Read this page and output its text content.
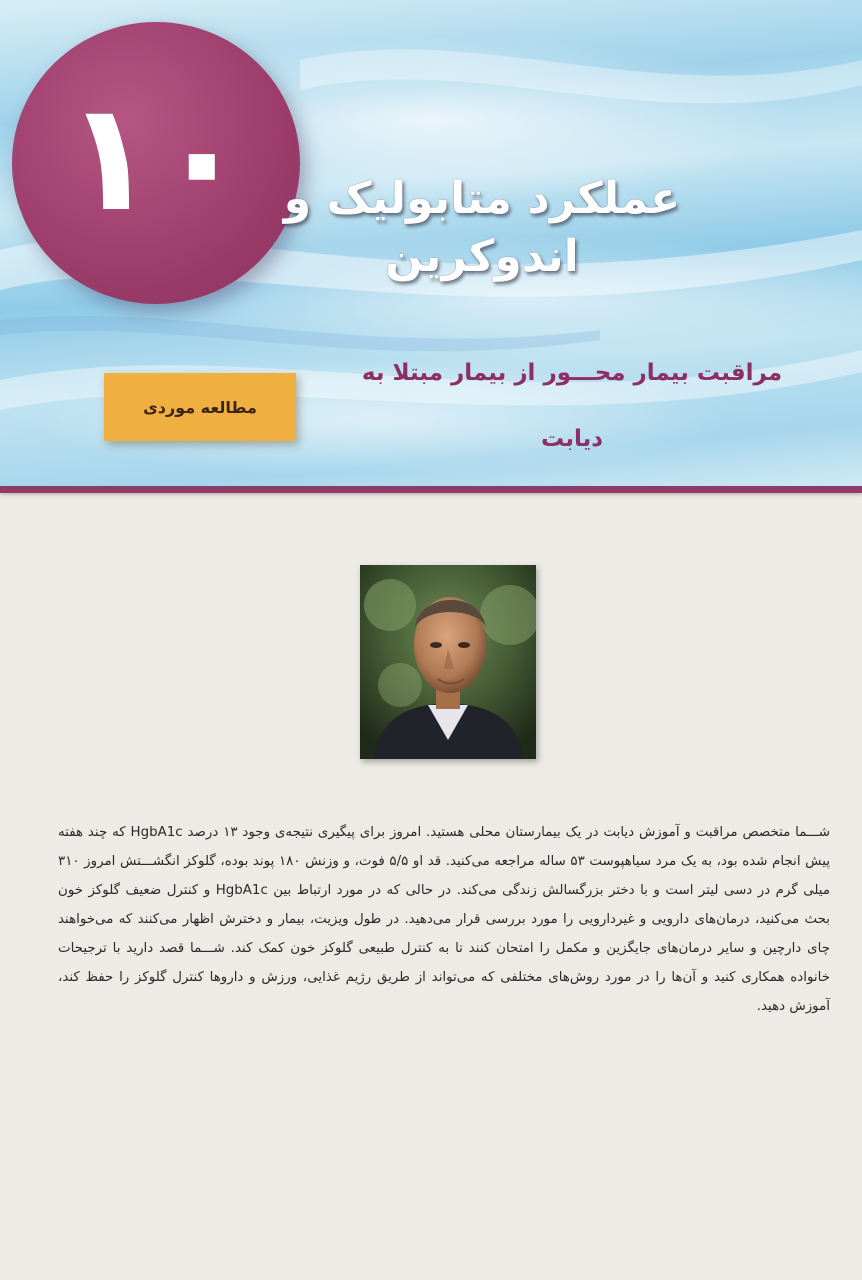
۱۰ عملکرد متابولیک و
اندوکرین
مراقبت بیمار محـــور از بیمار مبتلا به
دیابت
مطالعه موردی

شـــما متخصص مراقبت و آموزش دیابت در یک بیمارستان محلی هستید. امروز برای پیگیری نتیجه‌ی وجود ۱۳ درصد HgbA1c که چند هفته پیش انجام شده بود، به یک مرد سیاهپوست ۵۳ ساله مراجعه می‌کنید. قد او ۵/۵ فوت، و وزنش ۱۸۰ پوند بوده، گلوکز انگشـــتش امروز ۳۱۰ میلی گرم در دسی لیتر است و با دختر بزرگسالش زندگی می‌کند. در حالی که در مورد ارتباط بین HgbA1c و کنترل ضعیف گلوکز خون بحث می‌کنید، درمان‌های دارویی و غیردارویی را مورد بررسی قرار می‌دهید. در طول ویزیت، بیمار و دخترش اظهار می‌کنند که می‌خواهند چای دارچین و سایر درمان‌های جایگزین و مکمل را امتحان کنند تا به کنترل طبیعی گلوکز خون کمک کند. شـــما قصد دارید با ترجیحات خانواده همکاری کنید و آن‌ها را در مورد روش‌های مختلفی که می‌تواند از طریق رژیم غذایی، ورزش و داروها کنترل گلوکز را حفظ کند، آموزش دهید.
